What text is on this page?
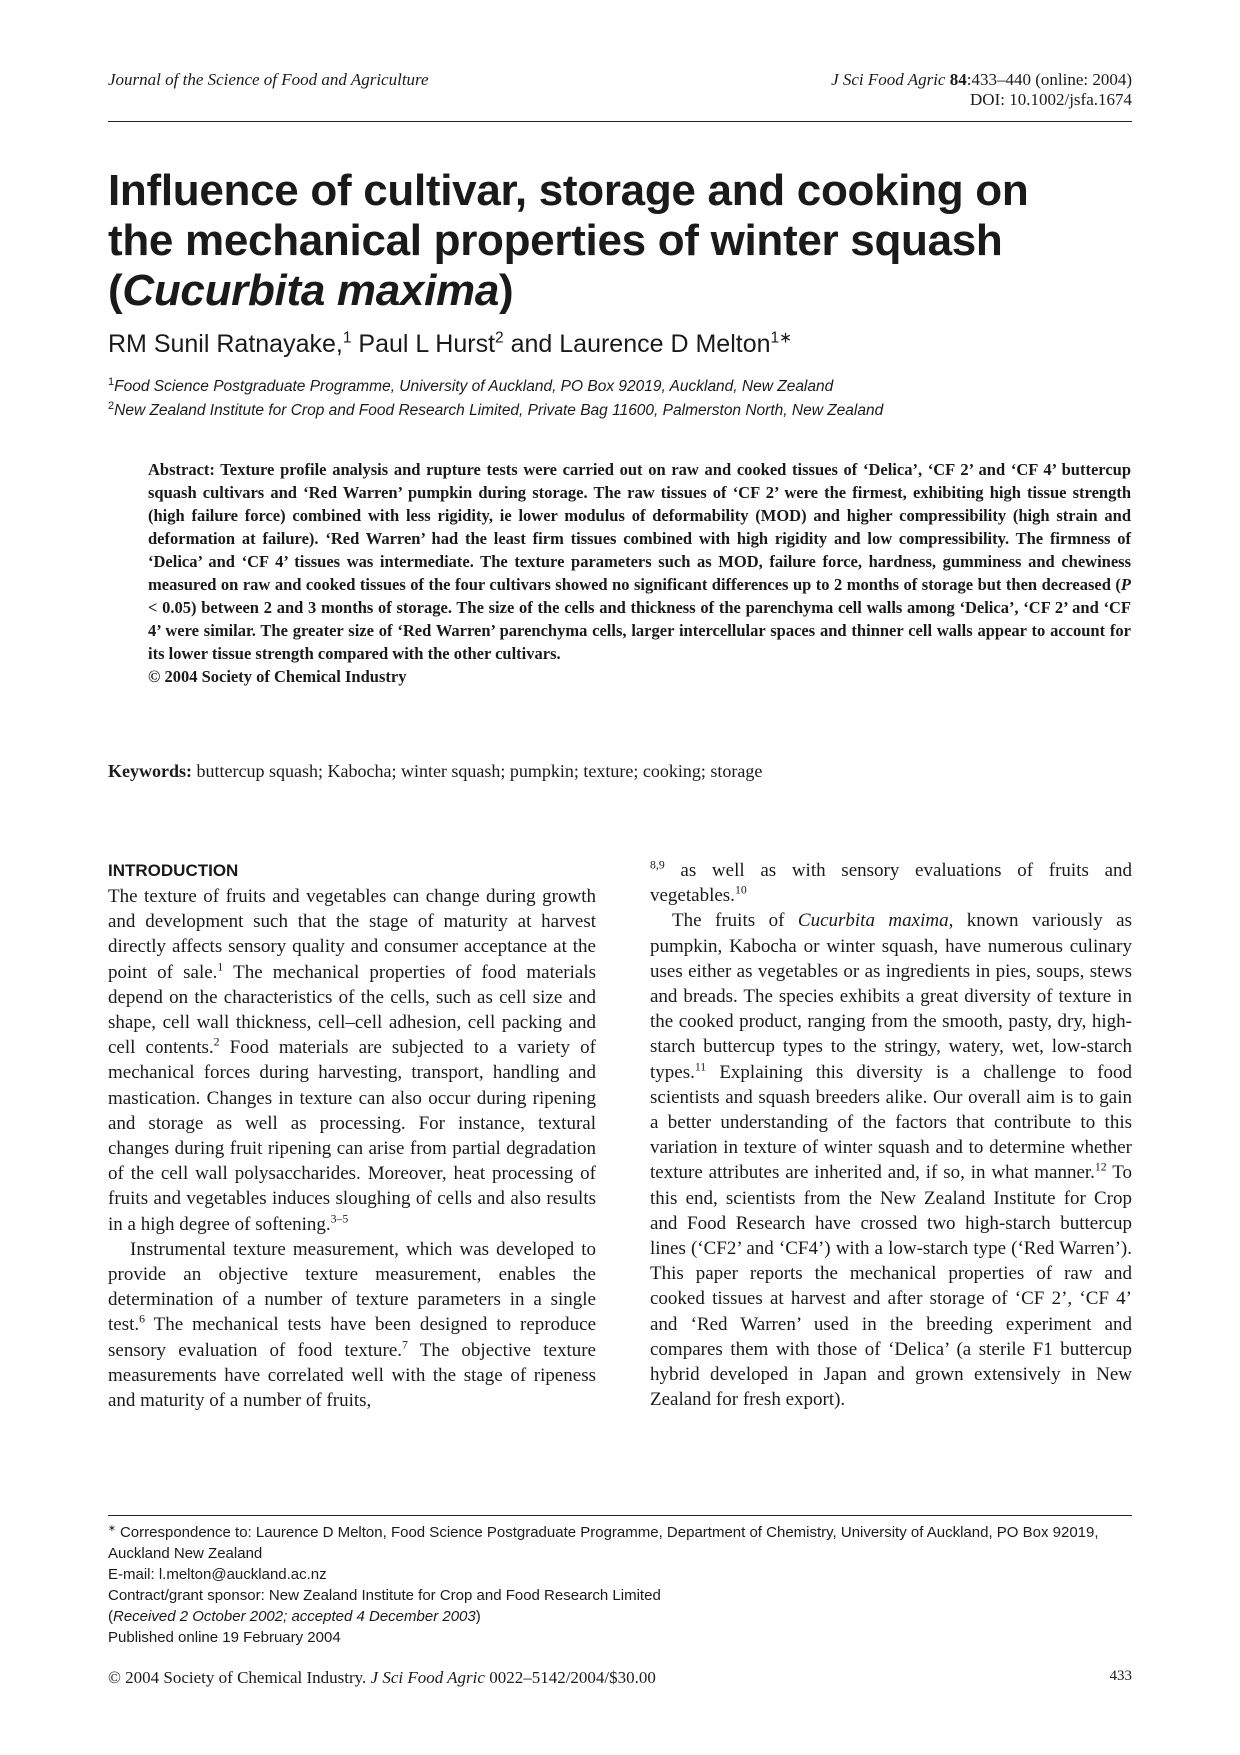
Journal of the Science of Food and Agriculture	J Sci Food Agric 84:433–440 (online: 2004)
DOI: 10.1002/jsfa.1674
Influence of cultivar, storage and cooking on
the mechanical properties of winter squash
(Cucurbita maxima)
RM Sunil Ratnayake,$^1$ Paul L Hurst$^2$ and Laurence D Melton$^{1∗}$
$^1$Food Science Postgraduate Programme, University of Auckland, PO Box 92019, Auckland, New Zealand
$^2$New Zealand Institute for Crop and Food Research Limited, Private Bag 11600, Palmerston North, New Zealand
Abstract: Texture profile analysis and rupture tests were carried out on raw and cooked tissues of ‘Delica’, ‘CF 2’ and ‘CF 4’ buttercup squash cultivars and ‘Red Warren’ pumpkin during storage. The raw tissues of ‘CF 2’ were the firmest, exhibiting high tissue strength (high failure force) combined with less rigidity, ie lower modulus of deformability (MOD) and higher compressibility (high strain and deformation at failure). ‘Red Warren’ had the least firm tissues combined with high rigidity and low compressibility. The firmness of ‘Delica’ and ‘CF 4’ tissues was intermediate. The texture parameters such as MOD, failure force, hardness, gumminess and chewiness measured on raw and cooked tissues of the four cultivars showed no significant differences up to 2 months of storage but then decreased (P < 0.05) between 2 and 3 months of storage. The size of the cells and thickness of the parenchyma cell walls among ‘Delica’, ‘CF 2’ and ‘CF 4’ were similar. The greater size of ‘Red Warren’ parenchyma cells, larger intercellular spaces and thinner cell walls appear to account for its lower tissue strength compared with the other cultivars.
© 2004 Society of Chemical Industry
Keywords: buttercup squash; Kabocha; winter squash; pumpkin; texture; cooking; storage
INTRODUCTION
The texture of fruits and vegetables can change during growth and development such that the stage of maturity at harvest directly affects sensory quality and consumer acceptance at the point of sale.$^1$ The mechanical properties of food materials depend on the characteristics of the cells, such as cell size and shape, cell wall thickness, cell–cell adhesion, cell packing and cell contents.$^2$ Food materials are subjected to a variety of mechanical forces during harvesting, transport, handling and mastication. Changes in texture can also occur during ripening and storage as well as processing. For instance, textural changes during fruit ripening can arise from partial degradation of the cell wall polysaccharides. Moreover, heat processing of fruits and vegetables induces sloughing of cells and also results in a high degree of softening.$^{3-5}$
Instrumental texture measurement, which was developed to provide an objective texture measurement, enables the determination of a number of texture parameters in a single test.$^6$ The mechanical tests have been designed to reproduce sensory evaluation of food texture.$^7$ The objective texture measurements have correlated well with the stage of ripeness and maturity of a number of fruits,
$^{8,9}$ as well as with sensory evaluations of fruits and vegetables.$^{10}$
The fruits of Cucurbita maxima, known variously as pumpkin, Kabocha or winter squash, have numerous culinary uses either as vegetables or as ingredients in pies, soups, stews and breads. The species exhibits a great diversity of texture in the cooked product, ranging from the smooth, pasty, dry, high-starch buttercup types to the stringy, watery, wet, low-starch types.$^{11}$ Explaining this diversity is a challenge to food scientists and squash breeders alike. Our overall aim is to gain a better understanding of the factors that contribute to this variation in texture of winter squash and to determine whether texture attributes are inherited and, if so, in what manner.$^{12}$ To this end, scientists from the New Zealand Institute for Crop and Food Research have crossed two high-starch buttercup lines (‘CF2’ and ‘CF4’) with a low-starch type (‘Red Warren’). This paper reports the mechanical properties of raw and cooked tissues at harvest and after storage of ‘CF 2’, ‘CF 4’ and ‘Red Warren’ used in the breeding experiment and compares them with those of ‘Delica’ (a sterile F1 buttercup hybrid developed in Japan and grown extensively in New Zealand for fresh export).
∗ Correspondence to: Laurence D Melton, Food Science Postgraduate Programme, Department of Chemistry, University of Auckland, PO Box 92019, Auckland New Zealand
E-mail: l.melton@auckland.ac.nz
Contract/grant sponsor: New Zealand Institute for Crop and Food Research Limited
(Received 2 October 2002; accepted 4 December 2003)
Published online 19 February 2004
© 2004 Society of Chemical Industry. J Sci Food Agric 0022–5142/2004/$30.00	433
